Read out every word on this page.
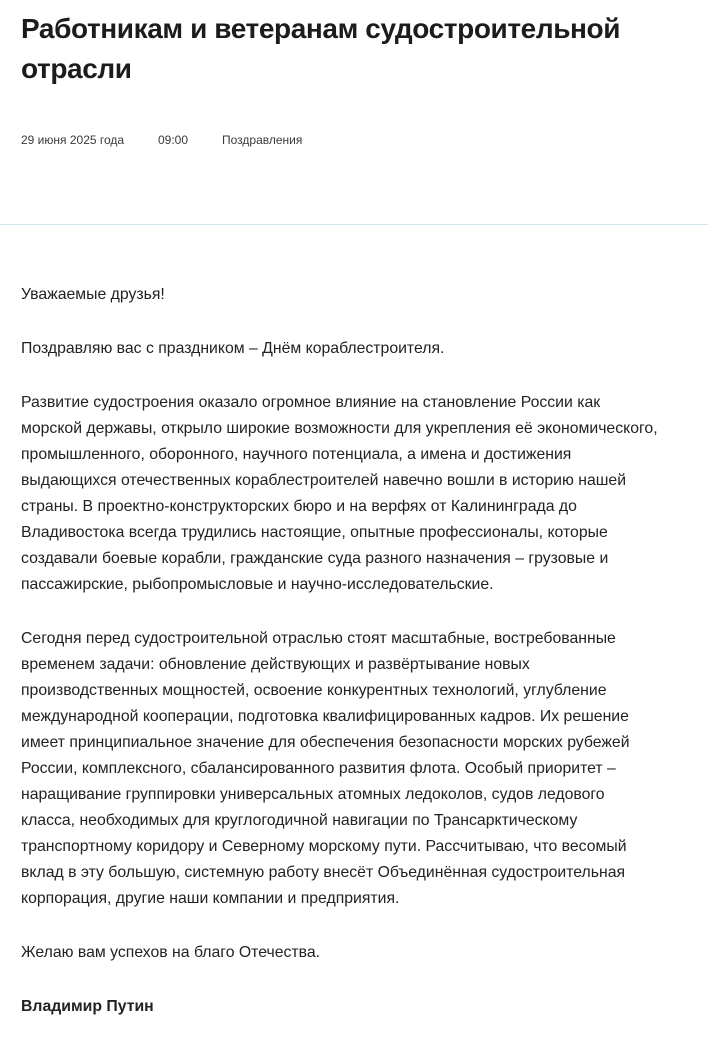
Работникам и ветеранам судостроительной отрасли
29 июня 2025 года	09:00	Поздравления

Уважаемые друзья!

Поздравляю вас с праздником – Днём кораблестроителя.

Развитие судостроения оказало огромное влияние на становление России как морской державы, открыло широкие возможности для укрепления её экономического, промышленного, оборонного, научного потенциала, а имена и достижения выдающихся отечественных кораблестроителей навечно вошли в историю нашей страны. В проектно-конструкторских бюро и на верфях от Калининграда до Владивостока всегда трудились настоящие, опытные профессионалы, которые создавали боевые корабли, гражданские суда разного назначения – грузовые и пассажирские, рыбопромысловые и научно-исследовательские.

Сегодня перед судостроительной отраслью стоят масштабные, востребованные временем задачи: обновление действующих и развёртывание новых производственных мощностей, освоение конкурентных технологий, углубление международной кооперации, подготовка квалифицированных кадров. Их решение имеет принципиальное значение для обеспечения безопасности морских рубежей России, комплексного, сбалансированного развития флота. Особый приоритет – наращивание группировки универсальных атомных ледоколов, судов ледового класса, необходимых для круглогодичной навигации по Трансарктическому транспортному коридору и Северному морскому пути. Рассчитываю, что весомый вклад в эту большую, системную работу внесёт Объединённая судостроительная корпорация, другие наши компании и предприятия.

Желаю вам успехов на благо Отечества.

Владимир Путин
